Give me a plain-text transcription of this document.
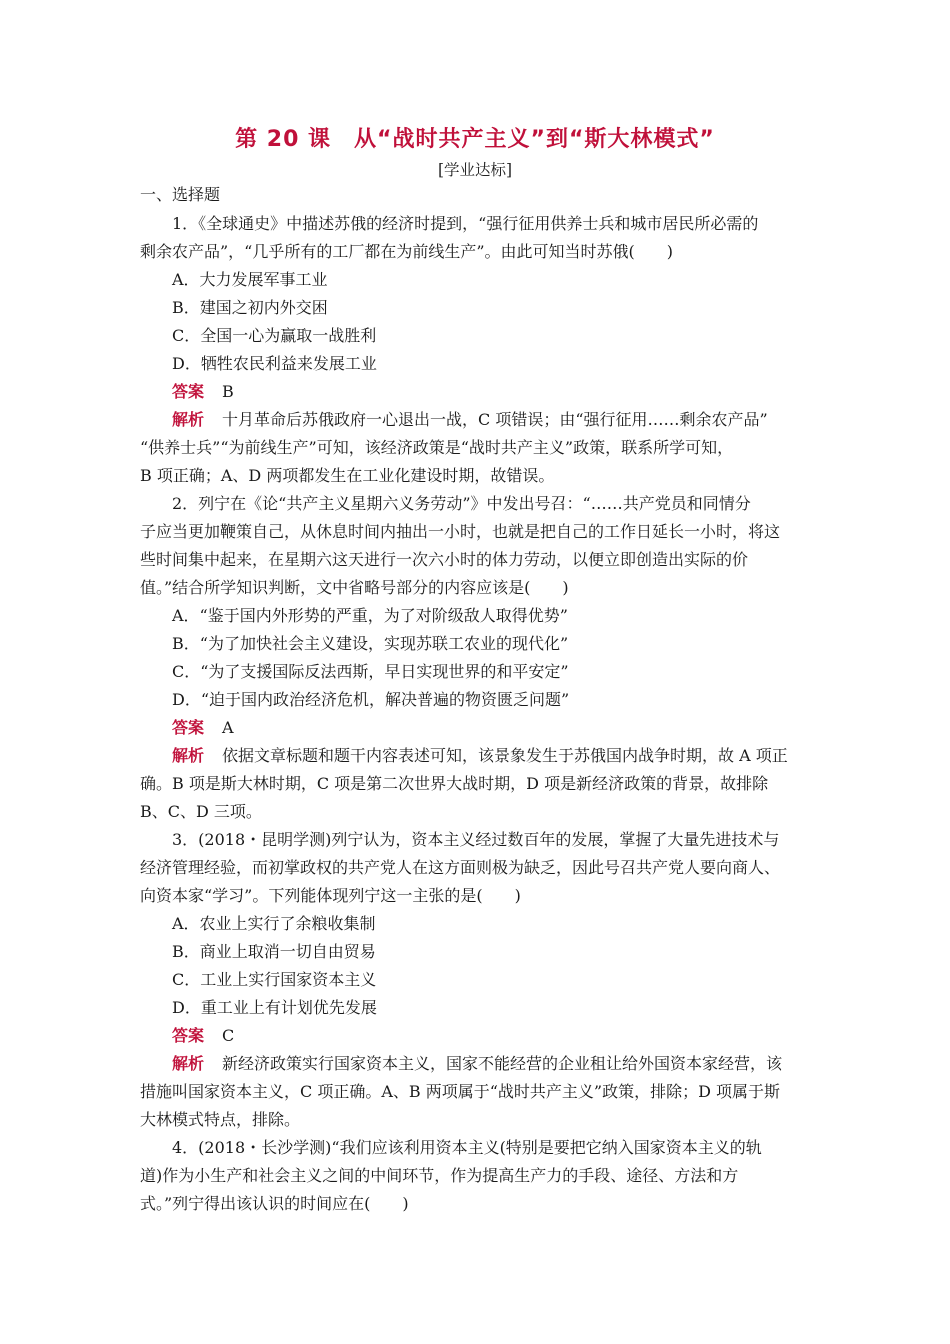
第 20 课　从“战时共产主义”到“斯大林模式”
[学业达标]
一、选择题
1．《全球通史》中描述苏俄的经济时提到，“强行征用供养士兵和城市居民所必需的
剩余农产品”，“几乎所有的工厂都在为前线生产”。由此可知当时苏俄(　　)
A．大力发展军事工业
B．建国之初内外交困
C．全国一心为赢取一战胜利
D．牺牲农民利益来发展工业
答案 B
解析 十月革命后苏俄政府一心退出一战，C 项错误；由“强行征用……剩余农产品”
“供养士兵”“为前线生产”可知，该经济政策是“战时共产主义”政策，联系所学可知，
B 项正确；A、D 两项都发生在工业化建设时期，故错误。
2．列宁在《论“共产主义星期六义务劳动”》中发出号召：“……共产党员和同情分
子应当更加鞭策自己，从休息时间内抽出一小时，也就是把自己的工作日延长一小时，将这
些时间集中起来，在星期六这天进行一次六小时的体力劳动，以便立即创造出实际的价
值。”结合所学知识判断，文中省略号部分的内容应该是(　　)
A．“鉴于国内外形势的严重，为了对阶级敌人取得优势”
B．“为了加快社会主义建设，实现苏联工农业的现代化”
C．“为了支援国际反法西斯，早日实现世界的和平安定”
D．“迫于国内政治经济危机，解决普遍的物资匮乏问题”
答案 A
解析 依据文章标题和题干内容表述可知，该景象发生于苏俄国内战争时期，故 A 项正
确。B 项是斯大林时期，C 项是第二次世界大战时期，D 项是新经济政策的背景，故排除
B、C、D 三项。
3．(2018・昆明学测)列宁认为，资本主义经过数百年的发展，掌握了大量先进技术与
经济管理经验，而初掌政权的共产党人在这方面则极为缺乏，因此号召共产党人要向商人、
向资本家“学习”。下列能体现列宁这一主张的是(　　)
A．农业上实行了余粮收集制
B．商业上取消一切自由贸易
C．工业上实行国家资本主义
D．重工业上有计划优先发展
答案 C
解析 新经济政策实行国家资本主义，国家不能经营的企业租让给外国资本家经营，该
措施叫国家资本主义，C 项正确。A、B 两项属于“战时共产主义”政策，排除；D 项属于斯
大林模式特点，排除。
4．(2018・长沙学测)“我们应该利用资本主义(特别是要把它纳入国家资本主义的轨
道)作为小生产和社会主义之间的中间环节，作为提高生产力的手段、途径、方法和方
式。”列宁得出该认识的时间应在(　　)
